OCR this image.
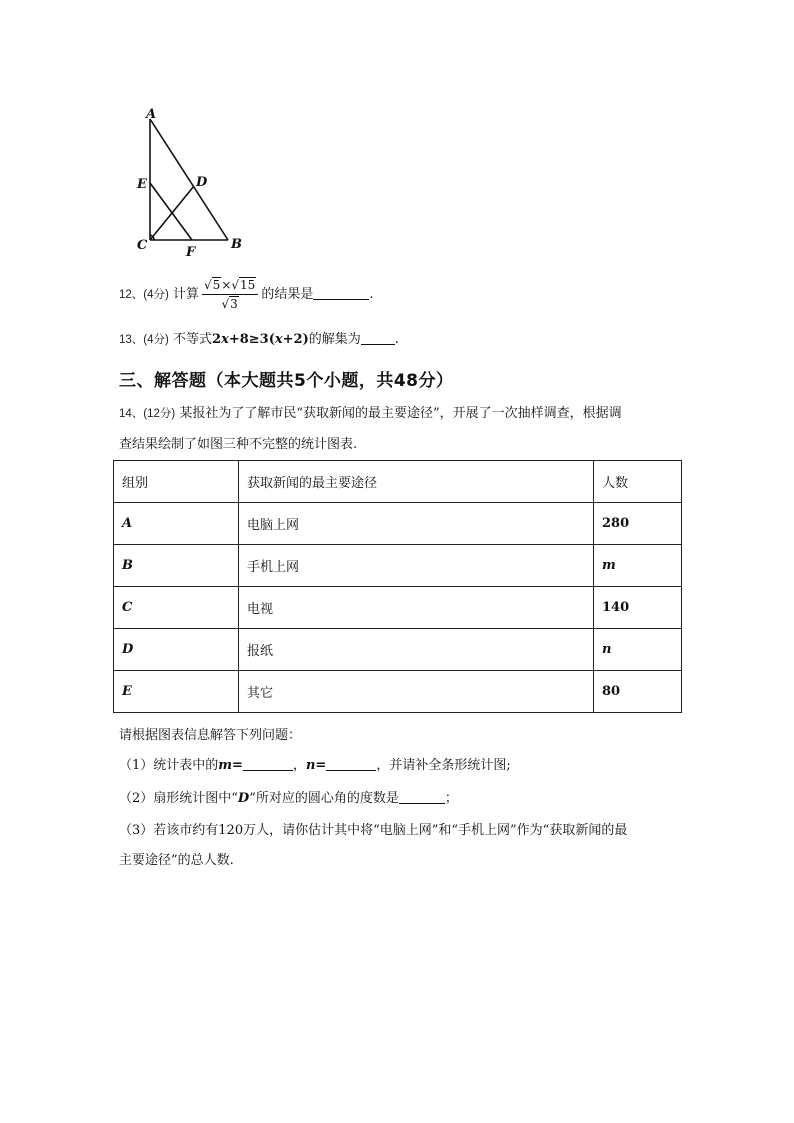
A
E	D
C	F
B
12、(4分) 计算 $\frac{√5\times√15}{√3}$ 的结果是	.
13、(4分) 不等式2x+8≥3(x+2)的解集为	.
三、解答题（本大题共5个小题，共48分）
14、(12分) 某报社为了了解市民“获取新闻的最主要途径”，开展了一次抽样调查，根据调
查结果绘制了如图三种不完整的统计图表.
组别	获取新闻的最主要途径	人数
A	电脑上网	280
B	手机上网	m
C	电视	140
D	报纸	n
E	其它	80
请根据图表信息解答下列问题：
（1）统计表中的m=	，n=	，并请补全条形统计图;
（2）扇形统计图中“D”所对应的圆心角的度数是	；
（3）若该市约有120万人，请你估计其中将“电脑上网”和“手机上网”作为“获取新闻的最
主要途径”的总人数.
